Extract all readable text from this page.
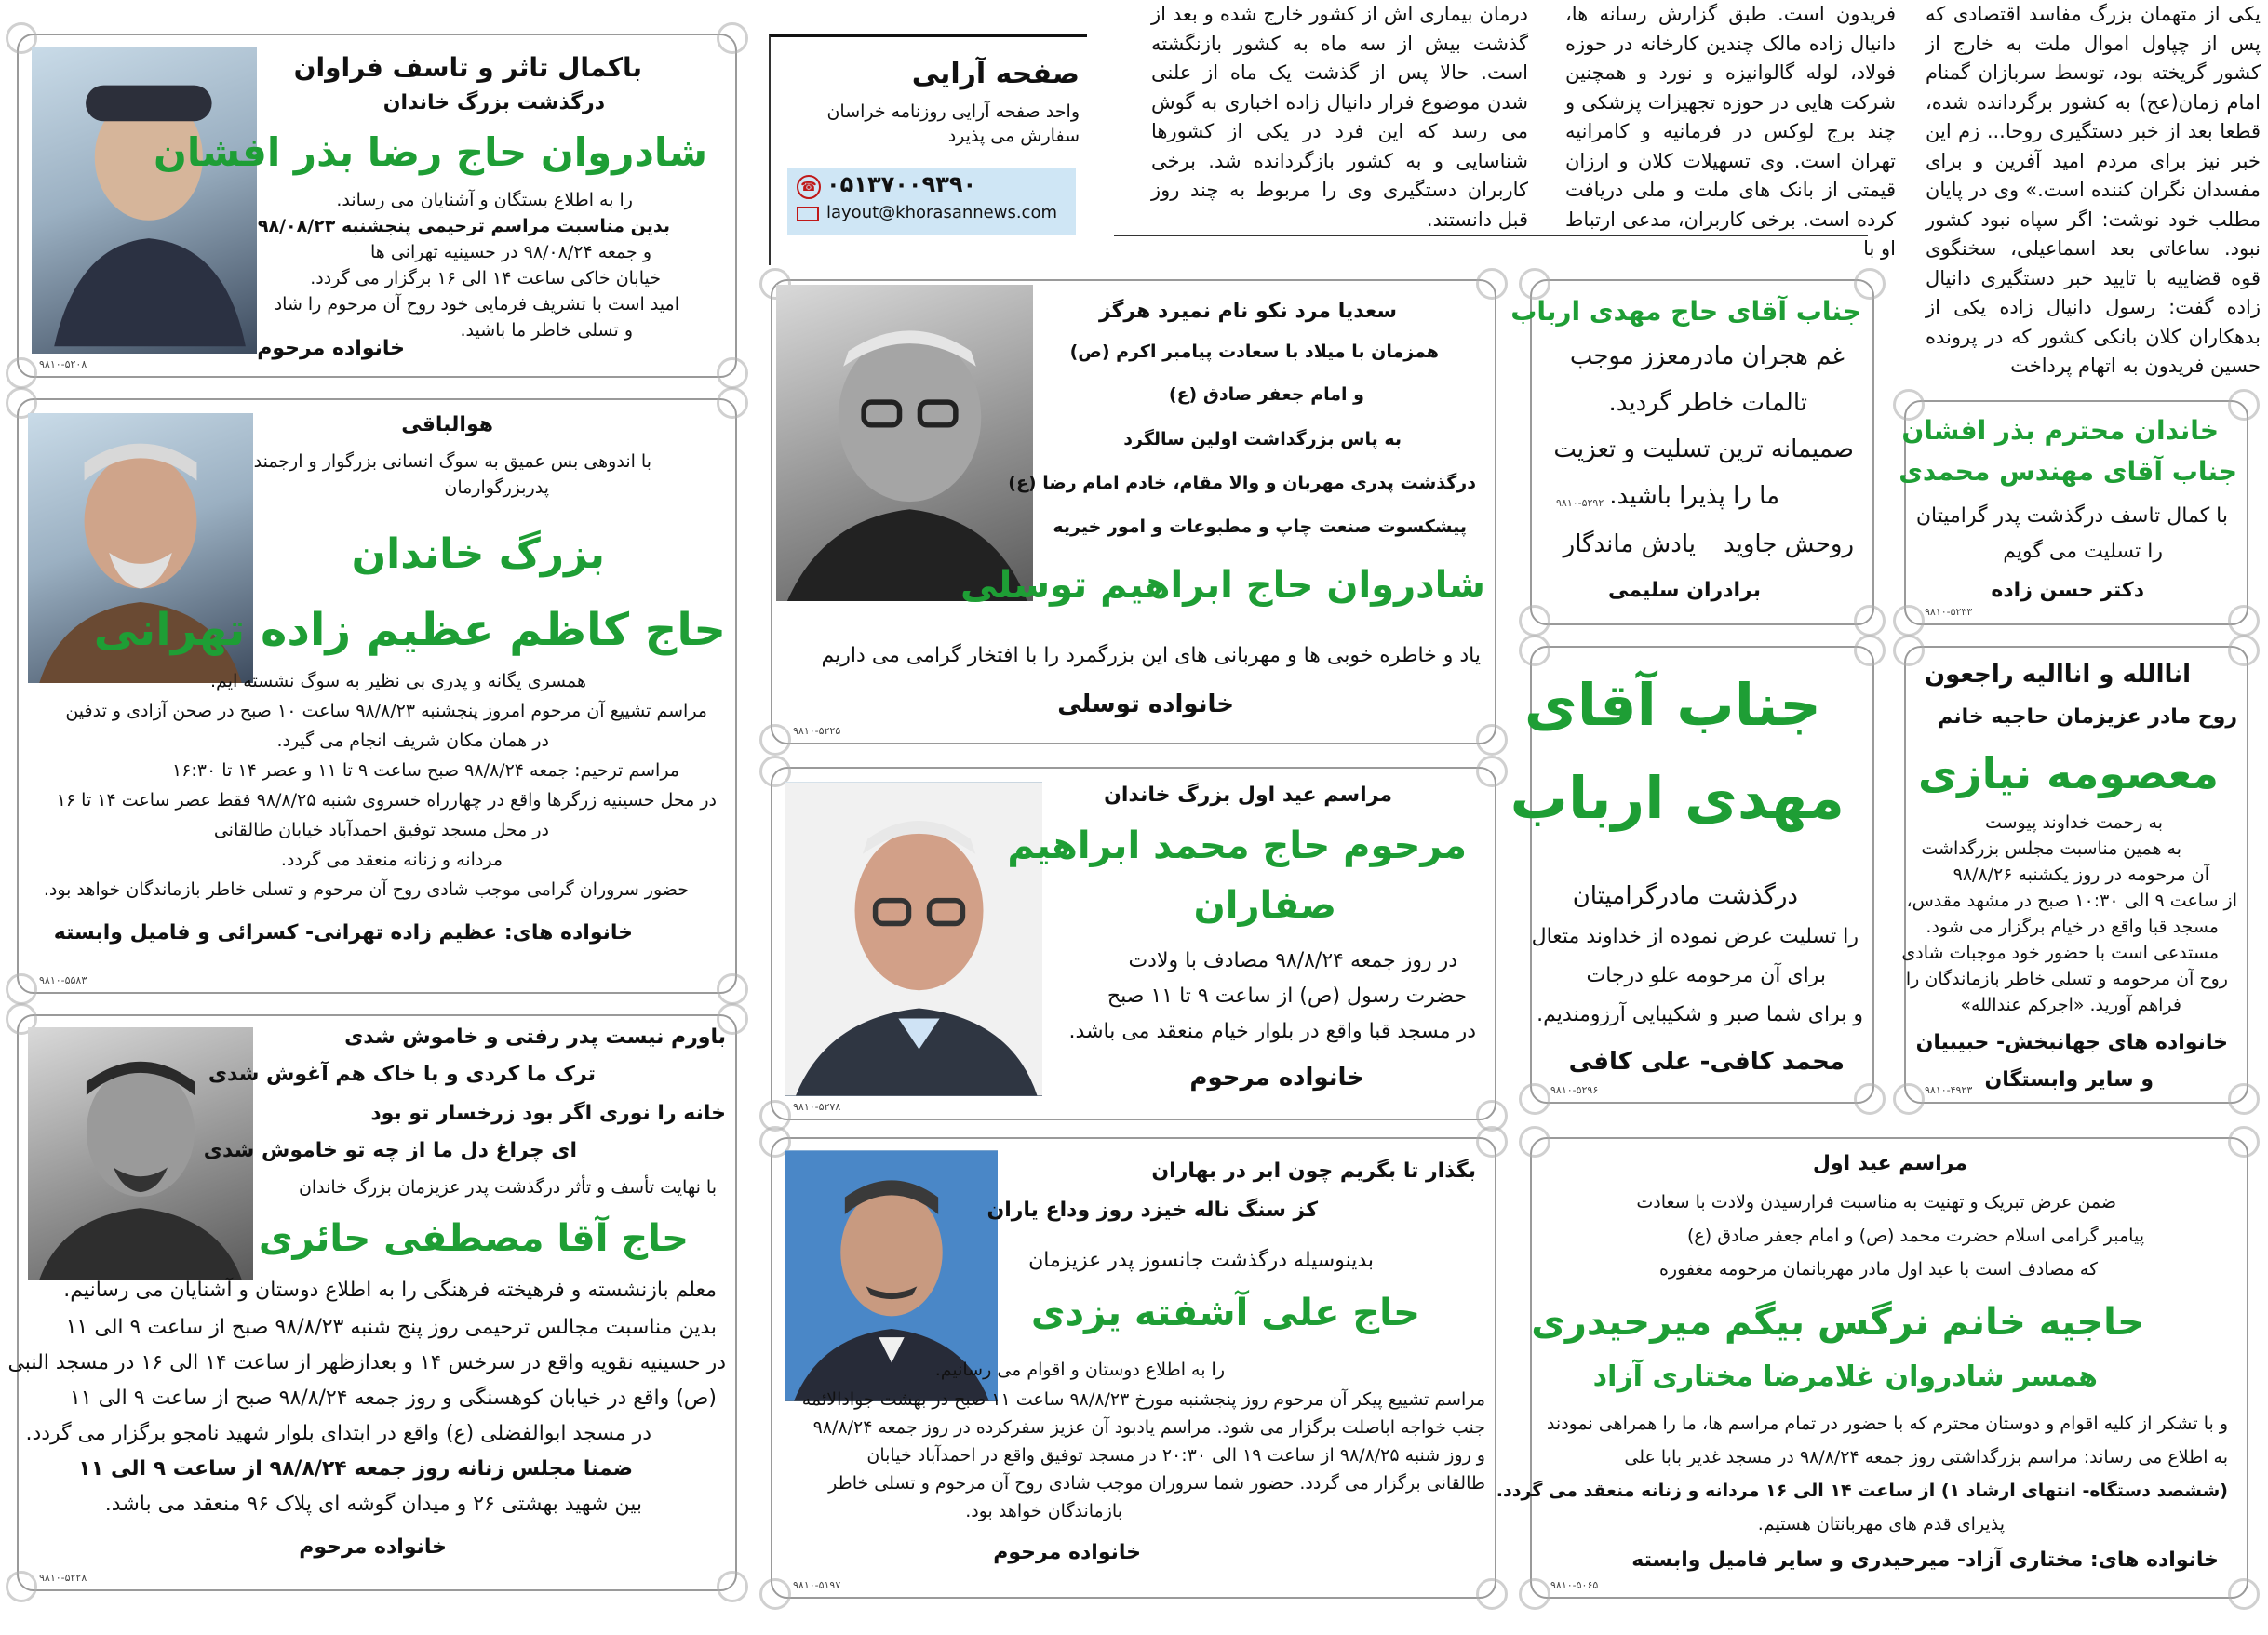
یکی از متهمان بزرگ مفاسد اقتصادی که پس از چپاول اموال ملت به خارج از کشور گریخته بود، توسط سربازان گمنام امام زمان(عج) به کشور برگردانده شده، قطعا بعد از خبر دستگیری روحا... زم این خبر نیز برای مردم امید آفرین و برای مفسدان نگران کننده است.» وی در پایان مطلب خود نوشت: اگر سپاه نبود کشور نبود. ساعاتی بعد اسماعیلی، سخنگوی قوه قضاییه با تایید خبر دستگیری دانیال زاده گفت: رسول دانیال زاده یکی از بدهکاران کلان بانکی کشور که در پرونده حسین فریدون به اتهام پرداخت
فریدون است. طبق گزارش رسانه ها، دانیال زاده مالک چندین کارخانه در حوزه فولاد، لوله گالوانیزه و نورد و همچنین شرکت هایی در حوزه تجهیزات پزشکی و چند برج لوکس در فرمانیه و کامرانیه تهران است. وی تسهیلات کلان و ارزان قیمتی از بانک های ملت و ملی دریافت کرده است. برخی کاربران، مدعی ارتباط او با
درمان بیماری اش از کشور خارج شده و بعد از گذشت بیش از سه ماه به کشور بازنگشته است. حالا پس از گذشت یک ماه از علنی شدن موضوع فرار دانیال زاده اخباری به گوش می رسد که این فرد در یکی از کشورها شناسایی و به کشور بازگردانده شد. برخی کاربران دستگیری وی را مربوط به چند روز قبل دانستند.
صفحه آرایی
واحد صفحه آرایی روزنامه خراسان
سفارش می پذیرد
☎ ۰۵۱۳۷۰۰۹۳۹۰
layout@khorasannews.com
باکمال تاثر و تاسف فراوان
درگذشت بزرگ خاندان
شادروان حاج رضا بذر افشان
را به اطلاع بستگان و آشنایان می رساند.
بدین مناسبت مراسم ترحیمی پنجشنبه ۹۸/۰۸/۲۳
و جمعه ۹۸/۰۸/۲۴ در حسینیه تهرانی ها
خیابان خاکی ساعت ۱۴ الی ۱۶ برگزار می گردد.
امید است با تشریف فرمایی خود روح آن مرحوم را شاد
و تسلی خاطر ما باشید.
خانواده مرحوم
۹۸۱۰-۵۲۰۸
هوالباقی
با اندوهی بس عمیق به سوگ انسانی بزرگوار و ارجمند
پدربزرگوارمان
بزرگ خاندان
حاج کاظم عظیم زاده تهرانی
همسری یگانه و پدری بی نظیر به سوگ نشسته ایم.
مراسم تشییع آن مرحوم امروز پنجشنبه ۹۸/۸/۲۳ ساعت ۱۰ صبح در صحن آزادی و تدفین
در همان مکان شریف انجام می گیرد.
مراسم ترحیم: جمعه ۹۸/۸/۲۴ صبح ساعت ۹ تا ۱۱ و عصر ۱۴ تا ۱۶:۳۰
در محل حسینیه زرگرها واقع در چهارراه خسروی شنبه ۹۸/۸/۲۵ فقط عصر ساعت ۱۴ تا ۱۶
در محل مسجد توفیق احمدآباد خیابان طالقانی
مردانه و زنانه منعقد می گردد.
حضور سروران گرامی موجب شادی روح آن مرحوم و تسلی خاطر بازماندگان خواهد بود.
خانواده های: عظیم زاده تهرانی- کسرائی و فامیل وابسته
۹۸۱۰-۵۵۸۳
باورم نیست پدر رفتی و خاموش شدی
ترک ما کردی و با خاک هم آغوش شدی
خانه را نوری اگر بود زرخسار تو بود
ای چراغ دل ما از چه تو خاموش شدی
با نهایت تأسف و تأثر درگذشت پدر عزیزمان بزرگ خاندان
حاج آقا مصطفی حائری
معلم بازنشسته و فرهیخته فرهنگی را به اطلاع دوستان و آشنایان می رسانیم.
بدین مناسبت مجالس ترحیمی روز پنج شنبه ۹۸/۸/۲۳ صبح از ساعت ۹ الی ۱۱
در حسینیه نقویه واقع در سرخس ۱۴ و بعدازظهر از ساعت ۱۴ الی ۱۶ در مسجد النبی
(ص) واقع در خیابان کوهسنگی و روز جمعه ۹۸/۸/۲۴ صبح از ساعت ۹ الی ۱۱
در مسجد ابوالفضلی (ع) واقع در ابتدای بلوار شهید نامجو برگزار می گردد.
ضمنا مجلس زنانه روز جمعه ۹۸/۸/۲۴ از ساعت ۹ الی ۱۱
بین شهید بهشتی ۲۶ و میدان گوشه ای پلاک ۹۶ منعقد می باشد.
خانواده مرحوم
۹۸۱۰-۵۲۲۸
سعدیا مرد نکو نام نمیرد هرگز
همزمان با میلاد با سعادت پیامبر اکرم (ص)
و امام جعفر صادق (ع)
به پاس بزرگداشت اولین سالگرد
درگذشت پدری مهربان و والا مقام، خادم امام رضا (ع)
پیشکسوت صنعت چاپ و مطبوعات و امور خیریه
شادروان حاج ابراهیم توسلی
یاد و خاطره خوبی ها و مهربانی های این بزرگمرد را با افتخار گرامی می داریم
خانواده توسلی
۹۸۱۰-۵۲۲۵
مراسم عید اول بزرگ خاندان
مرحوم حاج محمد ابراهیم
صفاران
در روز جمعه ۹۸/۸/۲۴ مصادف با ولادت
حضرت رسول (ص) از ساعت ۹ تا ۱۱ صبح
در مسجد قبا واقع در بلوار خیام منعقد می باشد.
خانواده مرحوم
۹۸۱۰-۵۲۷۸
بگذار تا بگریم چون ابر در بهاران
کز سنگ ناله خیزد روز وداع یاران
بدینوسیله درگذشت جانسوز پدر عزیزمان
حاج علی آشفته یزدی
را به اطلاع دوستان و اقوام می رسانیم.
مراسم تشییع پیکر آن مرحوم روز پنجشنبه مورخ ۹۸/۸/۲۳ ساعت ۱۱ صبح در بهشت جوادالائمه
جنب خواجه اباصلت برگزار می شود. مراسم یادبود آن عزیز سفرکرده در روز جمعه ۹۸/۸/۲۴
و روز شنبه ۹۸/۸/۲۵ از ساعت ۱۹ الی ۲۰:۳۰ در مسجد توفیق واقع در احمدآباد خیابان
طالقانی برگزار می گردد. حضور شما سروران موجب شادی روح آن مرحوم و تسلی خاطر
بازماندگان خواهد بود.
خانواده مرحوم
۹۸۱۰-۵۱۹۷
جناب آقای حاج مهدی ارباب
غم هجران مادرمعزز موجب
تالمات خاطر گردید.
صمیمانه ترین تسلیت و تعزیت
ما را پذیرا باشید.
روحش جاوید
یادش ماندگار
برادران سلیمی
۹۸۱۰-۵۲۹۲
خاندان محترم بذر افشان
جناب آقای مهندس محمدی
با کمال تاسف درگذشت پدر گرامیتان
را تسلیت می گویم
دکتر حسن زاده
۹۸۱۰-۵۲۳۳
جناب آقای
مهدی ارباب
درگذشت مادرگرامیتان
را تسلیت عرض نموده از خداوند متعال
برای آن مرحومه علو درجات
و برای شما صبر و شکیبایی آرزومندیم.
محمد کافی- علی کافی
۹۸۱۰-۵۲۹۶
اناالله و اناالیه راجعون
روح مادر عزیزمان حاجیه خانم
معصومه نیازی
به رحمت خداوند پیوست
به همین مناسبت مجلس بزرگداشت
آن مرحومه در روز یکشنبه ۹۸/۸/۲۶
از ساعت ۹ الی ۱۰:۳۰ صبح در مشهد مقدس،
مسجد قبا واقع در خیام برگزار می شود.
مستدعی است با حضور خود موجبات شادی
روح آن مرحومه و تسلی خاطر بازماندگان را
فراهم آورید. «اجرکم عندالله»
خانواده های جهانبخش- حبیبیان
و سایر وابستگان
۹۸۱۰-۴۹۲۳
مراسم عید اول
ضمن عرض تبریک و تهنیت به مناسبت فرارسیدن ولادت با سعادت
پیامبر گرامی اسلام حضرت محمد (ص) و امام جعفر صادق (ع)
که مصادف است با عید اول مادر مهربانمان مرحومه مغفوره
حاجیه خانم نرگس بیگم میرحیدری
همسر شادروان غلامرضا مختاری آزاد
و با تشکر از کلیه اقوام و دوستان محترم که با حضور در تمام مراسم ها، ما را همراهی نمودند
به اطلاع می رساند: مراسم بزرگداشتی روز جمعه ۹۸/۸/۲۴ در مسجد غدیر بابا علی
(ششصد دستگاه- انتهای ارشاد ۱) از ساعت ۱۴ الی ۱۶ مردانه و زنانه منعقد می گردد.
پذیرای قدم های مهربانتان هستیم.
خانواده های: مختاری آزاد- میرحیدری و سایر فامیل وابسته
۹۸۱۰-۵۰۶۵
